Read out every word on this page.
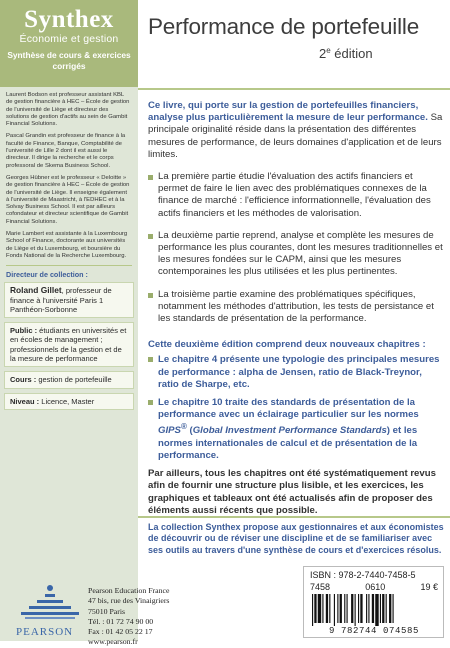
Synthex
Économie et gestion
Synthèse de cours & exercices corrigés

Laurent Bodson est professeur assistant KBL de gestion financière à HEC – École de gestion de l'université de Liège et directeur des solutions de gestion d'actifs au sein de Gambit Financial Solutions.

Pascal Grandin est professeur de finance à la faculté de Finance, Banque, Comptabilité de l'université de Lille 2 dont il est aussi le directeur. Il dirige la recherche et le corps professoral de Skema Business School.

Georges Hübner est le professeur « Deloitte » de gestion financière à HEC – École de gestion de l'université de Liège. Il enseigne également à l'université de Maastricht, à l'EDHEC et à la Solvay Business School. Il est par ailleurs cofondateur et directeur scientifique de Gambit Financial Solutions.

Marie Lambert est assistante à la Luxembourg School of Finance, doctorante aux universités de Liège et du Luxembourg, et boursière du Fonds National de la Recherche Luxembourg.

Directeur de collection :
Roland Gillet, professeur de finance à l'université Paris 1 Panthéon-Sorbonne
Public : étudiants en universités et en écoles de management ; professionnels de la gestion et de la mesure de performance
Cours : gestion de portefeuille
Niveau : Licence, Master
Performance de portefeuille
2e édition

Ce livre, qui porte sur la gestion de portefeuilles financiers, analyse plus particulièrement la mesure de leur performance. Sa principale originalité réside dans la présentation des différentes mesures de performance, de leurs domaines d'application et de leurs limites.

La première partie étudie l'évaluation des actifs financiers et permet de faire le lien avec des problématiques connexes de la finance de marché : l'efficience informationnelle, l'évaluation des actifs financiers et les méthodes de valorisation.
La deuxième partie reprend, analyse et complète les mesures de performance les plus courantes, dont les mesures traditionnelles et les mesures fondées sur le CAPM, ainsi que les mesures contemporaines les plus utilisées et les plus pertinentes.
La troisième partie examine des problématiques spécifiques, notamment les méthodes d'attribution, les tests de persistance et les standards de présentation de la performance.
Cette deuxième édition comprend deux nouveaux chapitres :
Le chapitre 4 présente une typologie des principales mesures de performance : alpha de Jensen, ratio de Black-Treynor, ratio de Sharpe, etc.
Le chapitre 10 traite des standards de présentation de la performance avec un éclairage particulier sur les normes GIPS® (Global Investment Performance Standards) et les normes internationales de calcul et de présentation de la performance.

Par ailleurs, tous les chapitres ont été systématiquement revus afin de fournir une structure plus lisible, et les exercices, les graphiques et tableaux ont été actualisés afin de proposer des éléments aussi récents que possible.

La collection Synthex propose aux gestionnaires et aux économistes de découvrir ou de réviser une discipline et de se familiariser avec ses outils au travers d'une synthèse de cours et d'exercices résolus.

PEARSON
Pearson Education France
47 bis, rue des Vinaigriers
75010 Paris
Tél. : 01 72 74 90 00
Fax : 01 42 05 22 17
www.pearson.fr
ISBN : 978-2-7440-7458-5
7458	0610	19 €
9 782744 074585
